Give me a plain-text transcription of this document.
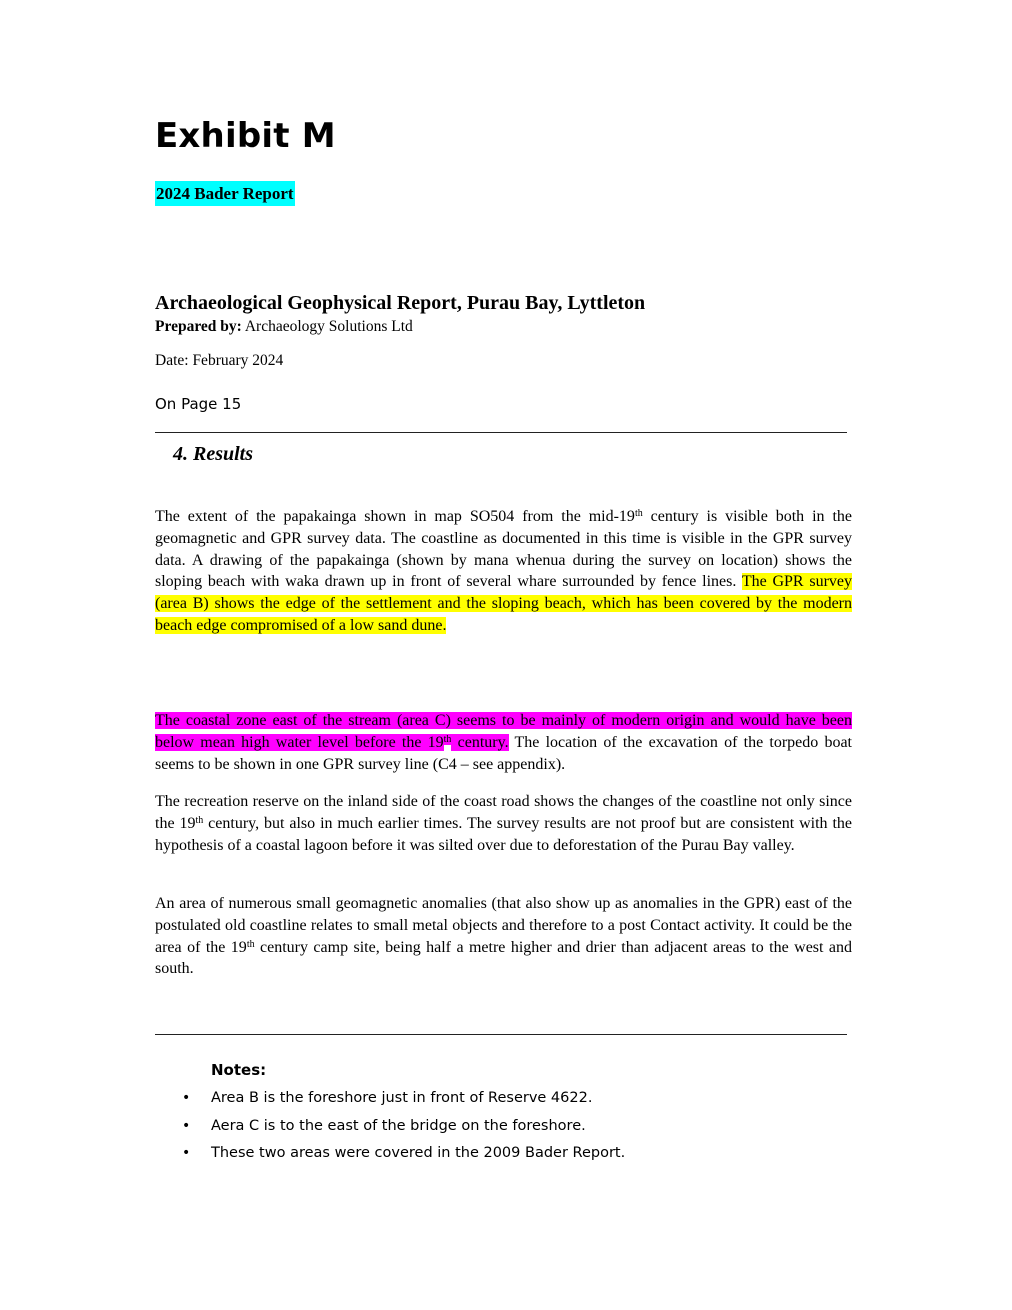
Exhibit M
2024 Bader Report
Archaeological Geophysical Report, Purau Bay, Lyttleton
Prepared by: Archaeology Solutions Ltd
Date: February 2024
On Page 15
4. Results

The extent of the papakainga shown in map SO504 from the mid-19th century is visible both in the geomagnetic and GPR survey data. The coastline as documented in this time is visible in the GPR survey data. A drawing of the papakainga (shown by mana whenua during the survey on location) shows the sloping beach with waka drawn up in front of several whare surrounded by fence lines. The GPR survey (area B) shows the edge of the settlement and the sloping beach, which has been covered by the modern beach edge compromised of a low sand dune.

The coastal zone east of the stream (area C) seems to be mainly of modern origin and would have been below mean high water level before the 19th century. The location of the excavation of the torpedo boat seems to be shown in one GPR survey line (C4 – see appendix).

The recreation reserve on the inland side of the coast road shows the changes of the coastline not only since the 19th century, but also in much earlier times. The survey results are not proof but are consistent with the hypothesis of a coastal lagoon before it was silted over due to deforestation of the Purau Bay valley.

An area of numerous small geomagnetic anomalies (that also show up as anomalies in the GPR) east of the postulated old coastline relates to small metal objects and therefore to a post Contact activity. It could be the area of the 19th century camp site, being half a metre higher and drier than adjacent areas to the west and south.

Notes:
• Area B is the foreshore just in front of Reserve 4622.
• Aera C is to the east of the bridge on the foreshore.
• These two areas were covered in the 2009 Bader Report.
